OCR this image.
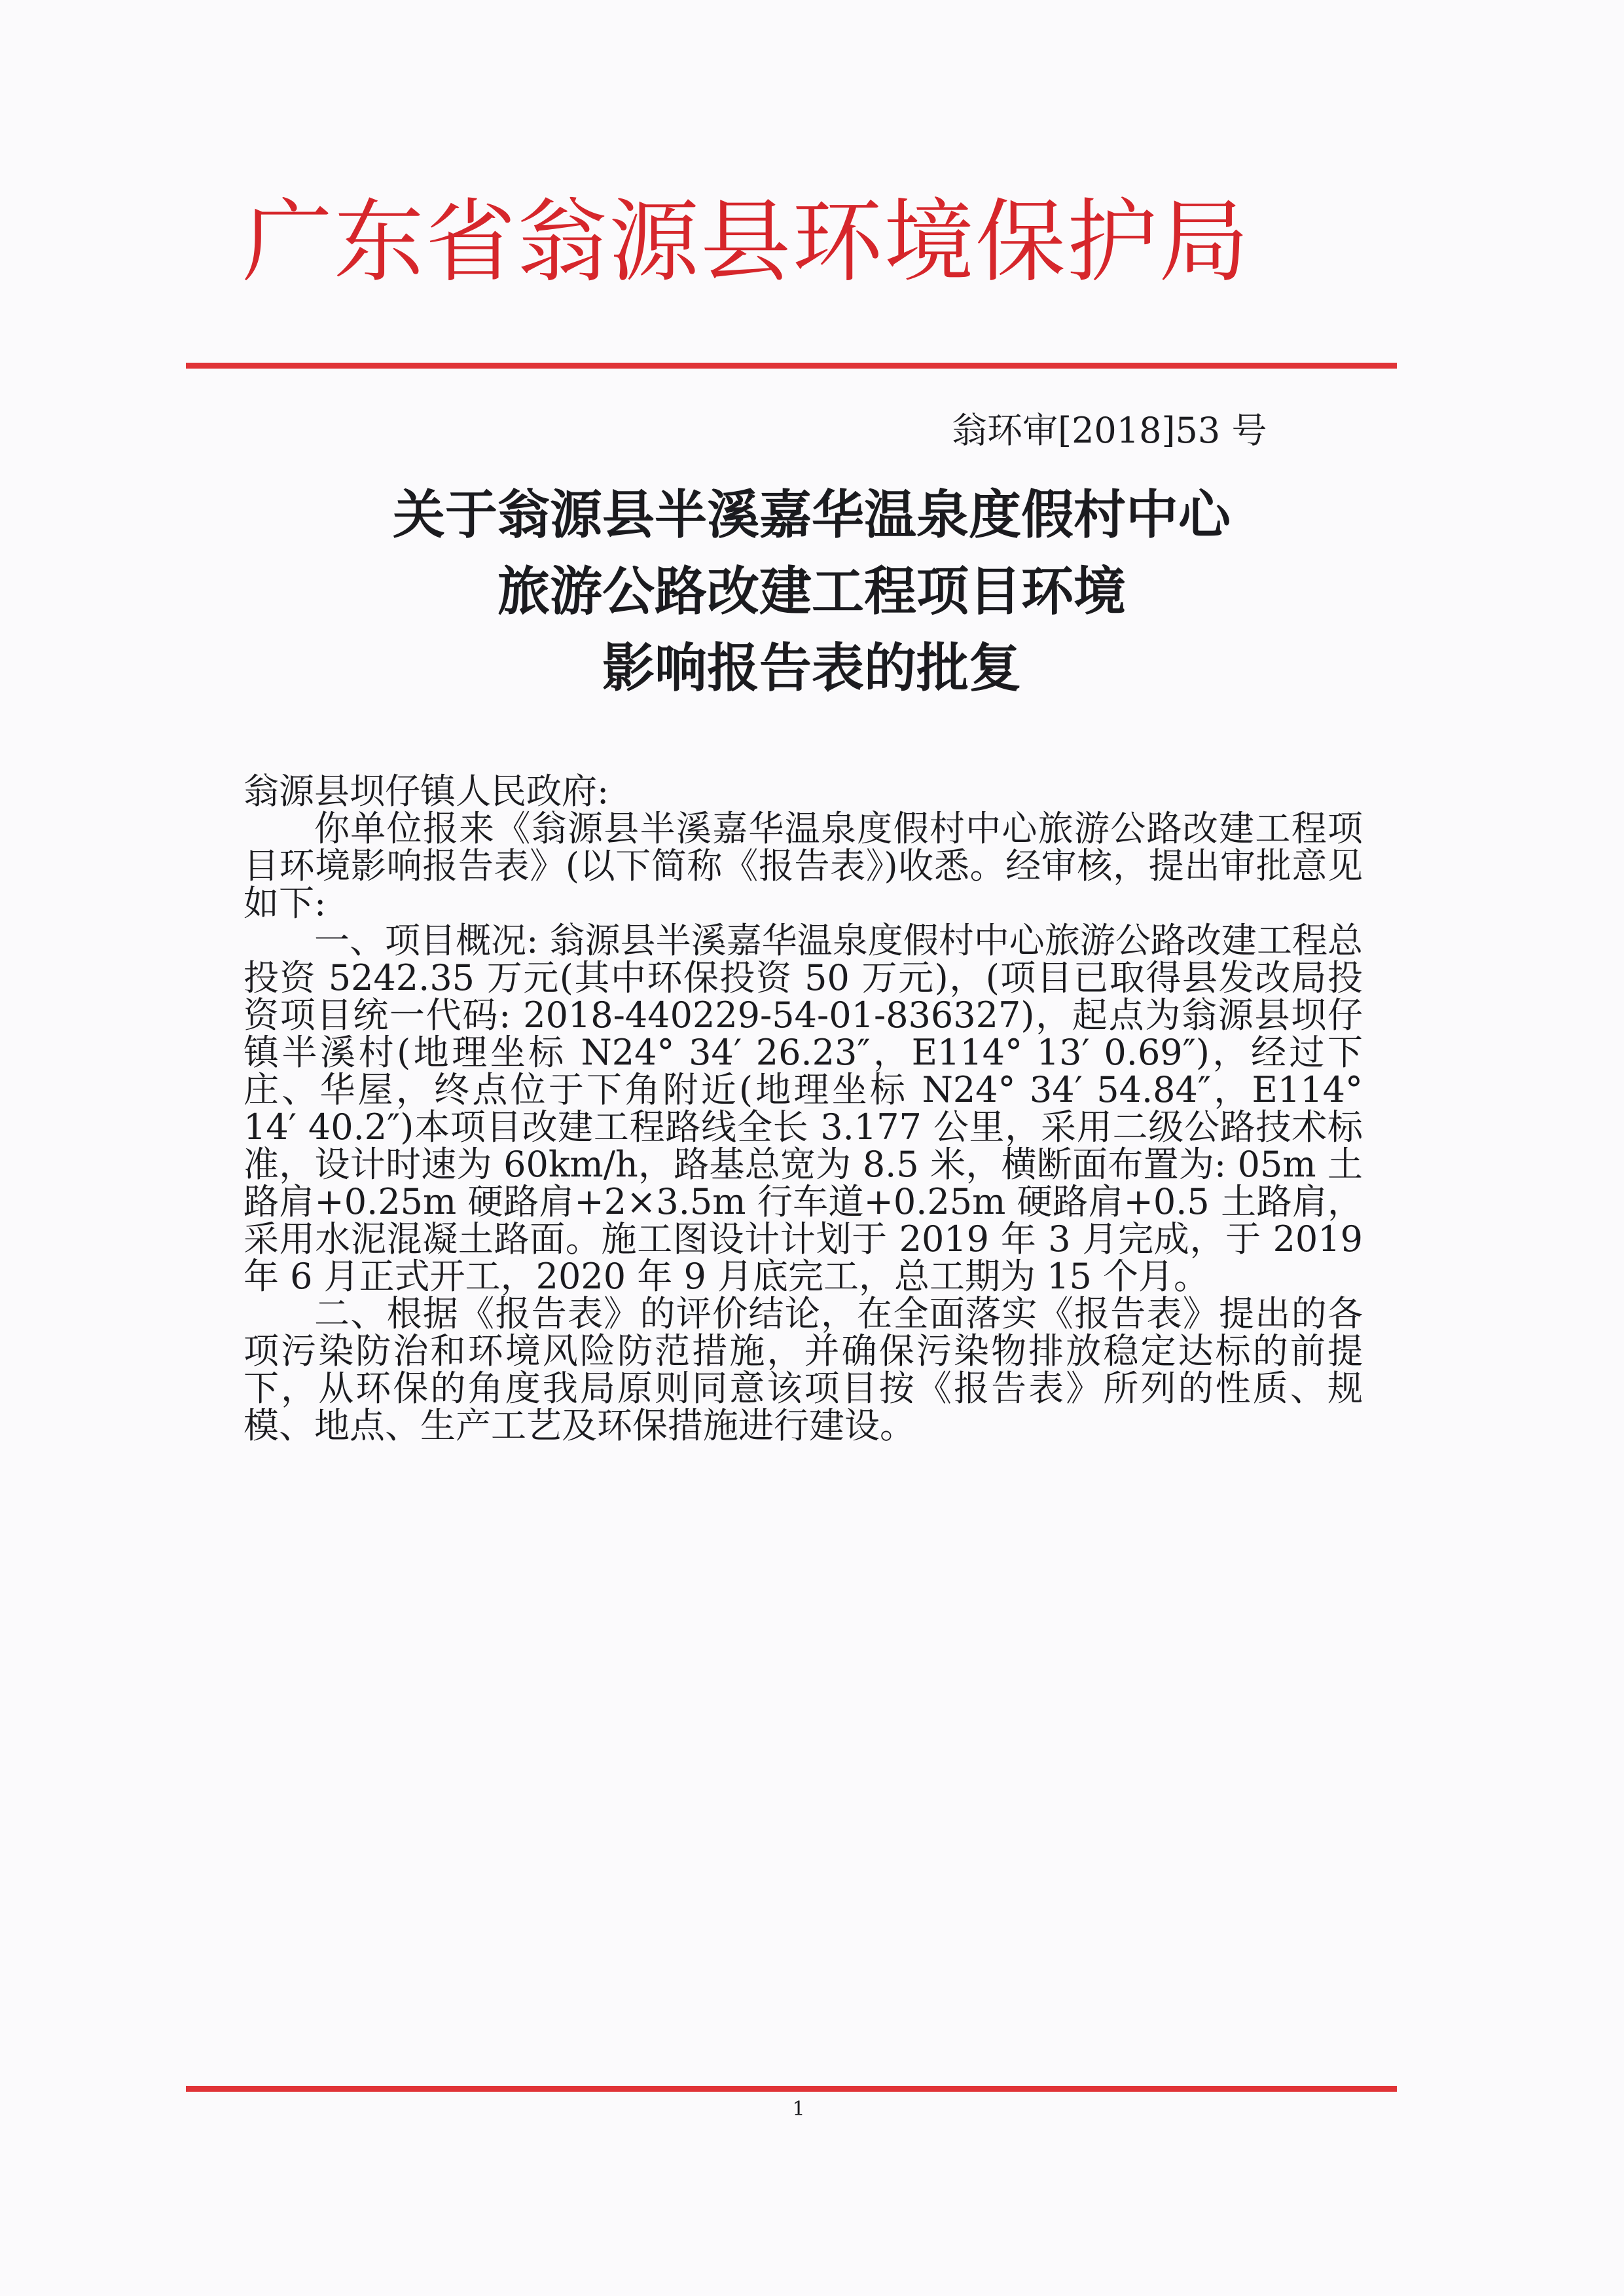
广东省翁源县环境保护局
翁环审[2018]53 号
关于翁源县半溪嘉华温泉度假村中心
旅游公路改建工程项目环境
影响报告表的批复

翁源县坝仔镇人民政府:

你单位报来《翁源县半溪嘉华温泉度假村中心旅游公路改建工程项目环境影响报告表》(以下简称《报告表》)收悉。经审核，提出审批意见如下:

一、项目概况: 翁源县半溪嘉华温泉度假村中心旅游公路改建工程总投资 5242.35 万元(其中环保投资 50 万元)，(项目已取得县发改局投资项目统一代码: 2018-440229-54-01-836327)，起点为翁源县坝仔镇半溪村(地理坐标 N24° 34′ 26.23″，E114° 13′ 0.69″)，经过下庄、华屋，终点位于下角附近(地理坐标 N24° 34′ 54.84″，E114° 14′ 40.2″)本项目改建工程路线全长 3.177 公里，采用二级公路技术标准，设计时速为 60km/h，路基总宽为 8.5 米，横断面布置为: 05m 土路肩+0.25m 硬路肩+2×3.5m 行车道+0.25m 硬路肩+0.5 土路肩，采用水泥混凝土路面。施工图设计计划于 2019 年 3 月完成，于 2019 年 6 月正式开工，2020 年 9 月底完工，总工期为 15 个月。

二、根据《报告表》的评价结论，在全面落实《报告表》提出的各项污染防治和环境风险防范措施，并确保污染物排放稳定达标的前提下，从环保的角度我局原则同意该项目按《报告表》所列的性质、规模、地点、生产工艺及环保措施进行建设。

1
